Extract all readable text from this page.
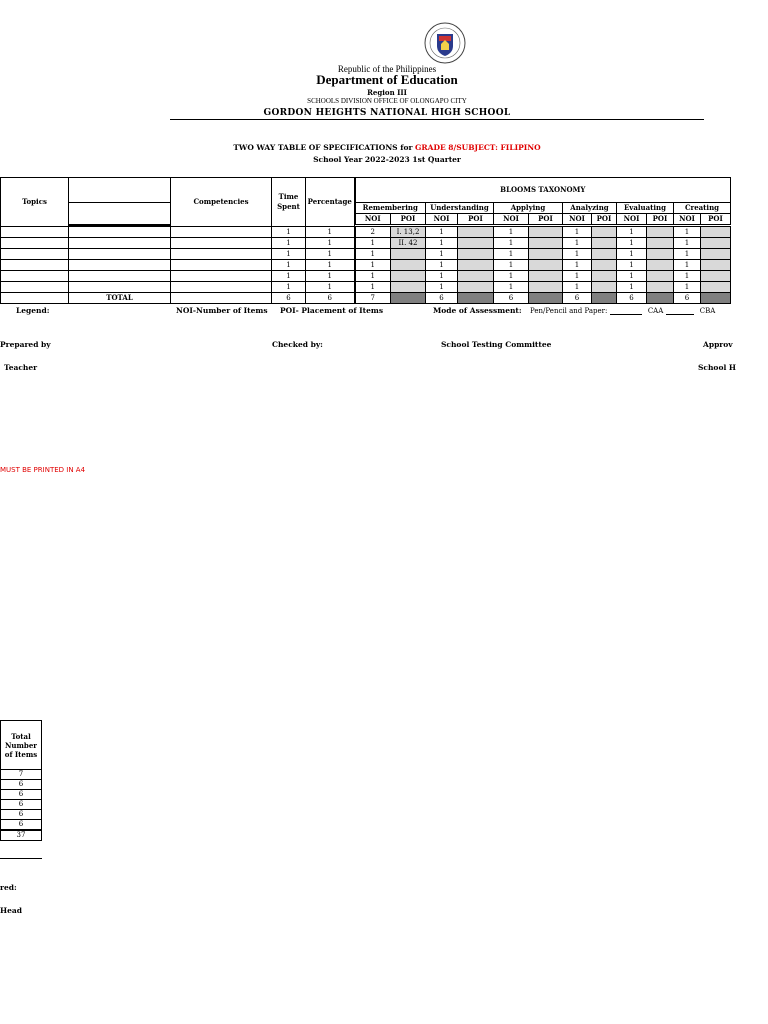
Republic of the Philippines
Department of Education
Region III
SCHOOLS DIVISION OFFICE OF OLONGAPO CITY
GORDON HEIGHTS NATIONAL HIGH SCHOOL
TWO WAY TABLE OF SPECIFICATIONS for GRADE 8/SUBJECT: FILIPINO
School Year 2022-2023 1st Quarter
Topics		Competencies	Time Spent	Percentage	BLOOMS TAXONOMY											
					Remembering		Understanding		Applying		Analyzing		Evaluating		Creating	
					NOI	POI	NOI	POI	NOI	POI	NOI	POI	NOI	POI	NOI	POI

			1	1	2	I. 13,2	1		1		1		1		1	
			1	1	1	II. 42	1		1		1		1		1	
			1	1	1		1		1		1		1		1	
			1	1	1		1		1		1		1		1	
			1	1	1		1		1		1		1		1	
			1	1	1		1		1		1		1		1	
	TOTAL		6	6	7		6		6		6		6		6	
Legend:	NOI-Number of Items POI- Placement of Items	Mode of Assessment: Pen/Pencil and Paper:	CAA	CBA
Prepared by	Checked by:	School Testing Committee	Approv
Teacher	School H
MUST BE PRINTED IN A4
Total Number of Items
7
6
6
6
6
6
37
red:
Head
